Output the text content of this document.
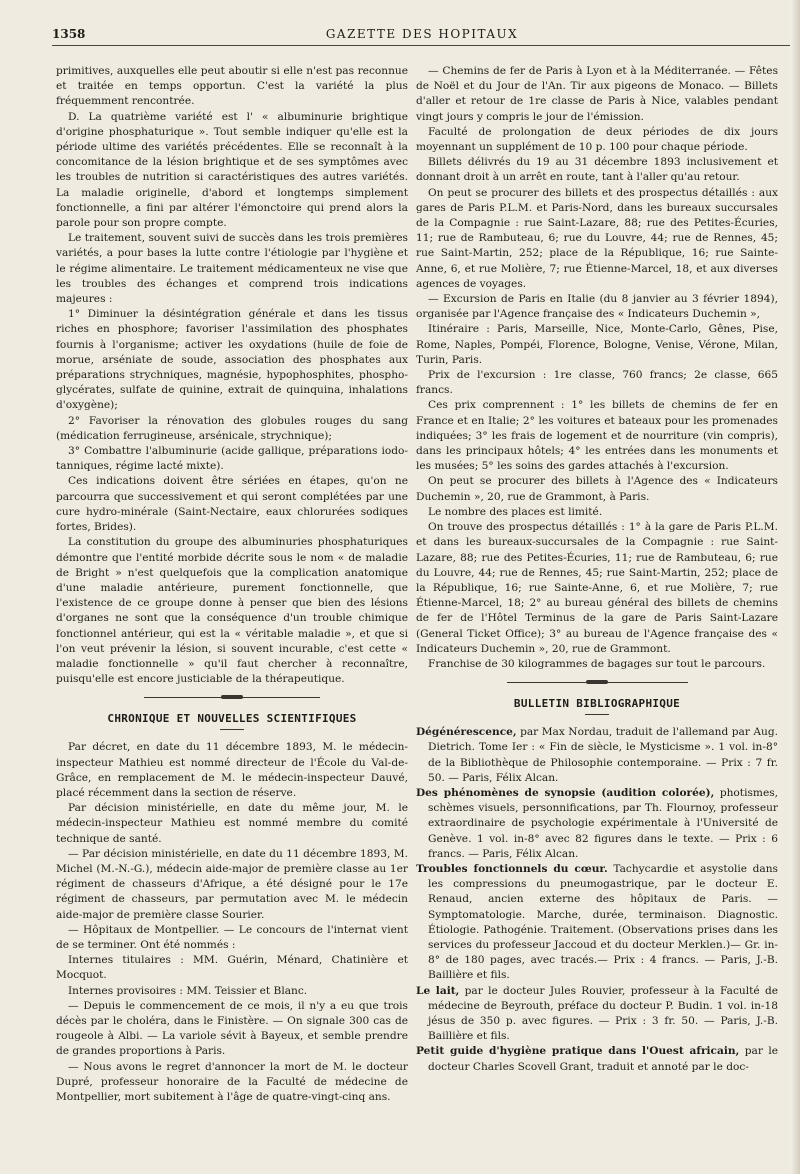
1358	GAZETTE DES HOPITAUX

primitives, auxquelles elle peut aboutir si elle n'est pas reconnue et traitée en temps opportun. C'est la variété la plus fréquemment rencontrée.

D. La quatrième variété est l' « albuminurie brightique d'origine phosphaturique ». Tout semble indiquer qu'elle est la période ultime des variétés précédentes. Elle se reconnaît à la concomitance de la lésion brightique et de ses symptômes avec les troubles de nutrition si caractéristiques des autres variétés. La maladie originelle, d'abord et longtemps simplement fonctionnelle, a fini par altérer l'émonctoire qui prend alors la parole pour son propre compte.

Le traitement, souvent suivi de succès dans les trois premières variétés, a pour bases la lutte contre l'étiologie par l'hygiène et le régime alimentaire. Le traitement médicamenteux ne vise que les troubles des échanges et comprend trois indications majeures :

1° Diminuer la désintégration générale et dans les tissus riches en phosphore; favoriser l'assimilation des phosphates fournis à l'organisme; activer les oxydations (huile de foie de morue, arséniate de soude, association des phosphates aux préparations strychniques, magnésie, hypophosphites, phospho-glycérates, sulfate de quinine, extrait de quinquina, inhalations d'oxygène);

2° Favoriser la rénovation des globules rouges du sang (médication ferrugineuse, arsénicale, strychnique);

3° Combattre l'albuminurie (acide gallique, préparations iodo-tanniques, régime lacté mixte).

Ces indications doivent être sériées en étapes, qu'on ne parcourra que successivement et qui seront complétées par une cure hydro-minérale (Saint-Nectaire, eaux chlorurées sodiques fortes, Brides).

La constitution du groupe des albuminuries phosphaturiques démontre que l'entité morbide décrite sous le nom « de maladie de Bright » n'est quelquefois que la complication anatomique d'une maladie antérieure, purement fonctionnelle, que l'existence de ce groupe donne à penser que bien des lésions d'organes ne sont que la conséquence d'un trouble chimique fonctionnel antérieur, qui est la « véritable maladie », et que si l'on veut prévenir la lésion, si souvent incurable, c'est cette « maladie fonctionnelle » qu'il faut chercher à reconnaître, puisqu'elle est encore justiciable de la thérapeutique.

CHRONIQUE ET NOUVELLES SCIENTIFIQUES

Par décret, en date du 11 décembre 1893, M. le médecin-inspecteur Mathieu est nommé directeur de l'École du Val-de-Grâce, en remplacement de M. le médecin-inspecteur Dauvé, placé récemment dans la section de réserve.

Par décision ministérielle, en date du même jour, M. le médecin-inspecteur Mathieu est nommé membre du comité technique de santé.

— Par décision ministérielle, en date du 11 décembre 1893, M. Michel (M.-N.-G.), médecin aide-major de première classe au 1er régiment de chasseurs d'Afrique, a été désigné pour le 17e régiment de chasseurs, par permutation avec M. le médecin aide-major de première classe Sourier.

— Hôpitaux de Montpellier. — Le concours de l'internat vient de se terminer. Ont été nommés :

Internes titulaires : MM. Guérin, Ménard, Chatinière et Mocquot.

Internes provisoires : MM. Teissier et Blanc.

— Depuis le commencement de ce mois, il n'y a eu que trois décès par le choléra, dans le Finistère. — On signale 300 cas de rougeole à Albi. — La variole sévit à Bayeux, et semble prendre de grandes proportions à Paris.

— Nous avons le regret d'annoncer la mort de M. le docteur Dupré, professeur honoraire de la Faculté de médecine de Montpellier, mort subitement à l'âge de quatre-vingt-cinq ans.

— Chemins de fer de Paris à Lyon et à la Méditerranée. — Fêtes de Noël et du Jour de l'An. Tir aux pigeons de Monaco. — Billets d'aller et retour de 1re classe de Paris à Nice, valables pendant vingt jours y compris le jour de l'émission.

Faculté de prolongation de deux périodes de dix jours moyennant un supplément de 10 p. 100 pour chaque période.

Billets délivrés du 19 au 31 décembre 1893 inclusivement et donnant droit à un arrêt en route, tant à l'aller qu'au retour.

On peut se procurer des billets et des prospectus détaillés : aux gares de Paris P.L.M. et Paris-Nord, dans les bureaux succursales de la Compagnie : rue Saint-Lazare, 88; rue des Petites-Écuries, 11; rue de Rambuteau, 6; rue du Louvre, 44; rue de Rennes, 45; rue Saint-Martin, 252; place de la République, 16; rue Sainte-Anne, 6, et rue Molière, 7; rue Étienne-Marcel, 18, et aux diverses agences de voyages.

— Excursion de Paris en Italie (du 8 janvier au 3 février 1894), organisée par l'Agence française des « Indicateurs Duchemin »,

Itinéraire : Paris, Marseille, Nice, Monte-Carlo, Gênes, Pise, Rome, Naples, Pompéi, Florence, Bologne, Venise, Vérone, Milan, Turin, Paris.

Prix de l'excursion : 1re classe, 760 francs; 2e classe, 665 francs.

Ces prix comprennent : 1° les billets de chemins de fer en France et en Italie; 2° les voitures et bateaux pour les promenades indiquées; 3° les frais de logement et de nourriture (vin compris), dans les principaux hôtels; 4° les entrées dans les monuments et les musées; 5° les soins des gardes attachés à l'excursion.

On peut se procurer des billets à l'Agence des « Indicateurs Duchemin », 20, rue de Grammont, à Paris.

Le nombre des places est limité.

On trouve des prospectus détaillés : 1° à la gare de Paris P.L.M. et dans les bureaux-succursales de la Compagnie : rue Saint-Lazare, 88; rue des Petites-Écuries, 11; rue de Rambuteau, 6; rue du Louvre, 44; rue de Rennes, 45; rue Saint-Martin, 252; place de la République, 16; rue Sainte-Anne, 6, et rue Molière, 7; rue Étienne-Marcel, 18; 2° au bureau général des billets de chemins de fer de l'Hôtel Terminus de la gare de Paris Saint-Lazare (General Ticket Office); 3° au bureau de l'Agence française des « Indicateurs Duchemin », 20, rue de Grammont.

Franchise de 30 kilogrammes de bagages sur tout le parcours.

BULLETIN BIBLIOGRAPHIQUE

Dégénérescence, par Max Nordau, traduit de l'allemand par Aug. Dietrich. Tome Ier : « Fin de siècle, le Mysticisme ». 1 vol. in-8° de la Bibliothèque de Philosophie contemporaine. — Prix : 7 fr. 50. — Paris, Félix Alcan.

Des phénomènes de synopsie (audition colorée), photismes, schèmes visuels, personnifications, par Th. Flournoy, professeur extraordinaire de psychologie expérimentale à l'Université de Genève. 1 vol. in-8° avec 82 figures dans le texte. — Prix : 6 francs. — Paris, Félix Alcan.

Troubles fonctionnels du cœur. Tachycardie et asystolie dans les compressions du pneumogastrique, par le docteur E. Renaud, ancien externe des hôpitaux de Paris. — Symptomatologie. Marche, durée, terminaison. Diagnostic. Étiologie. Pathogénie. Traitement. (Observations prises dans les services du professeur Jaccoud et du docteur Merklen.)— Gr. in-8° de 180 pages, avec tracés.— Prix : 4 francs. — Paris, J.-B. Baillière et fils.

Le lait, par le docteur Jules Rouvier, professeur à la Faculté de médecine de Beyrouth, préface du docteur P. Budin. 1 vol. in-18 jésus de 350 p. avec figures. — Prix : 3 fr. 50. — Paris, J.-B. Baillière et fils.

Petit guide d'hygiène pratique dans l'Ouest africain, par le docteur Charles Scovell Grant, traduit et annoté par le doc-
